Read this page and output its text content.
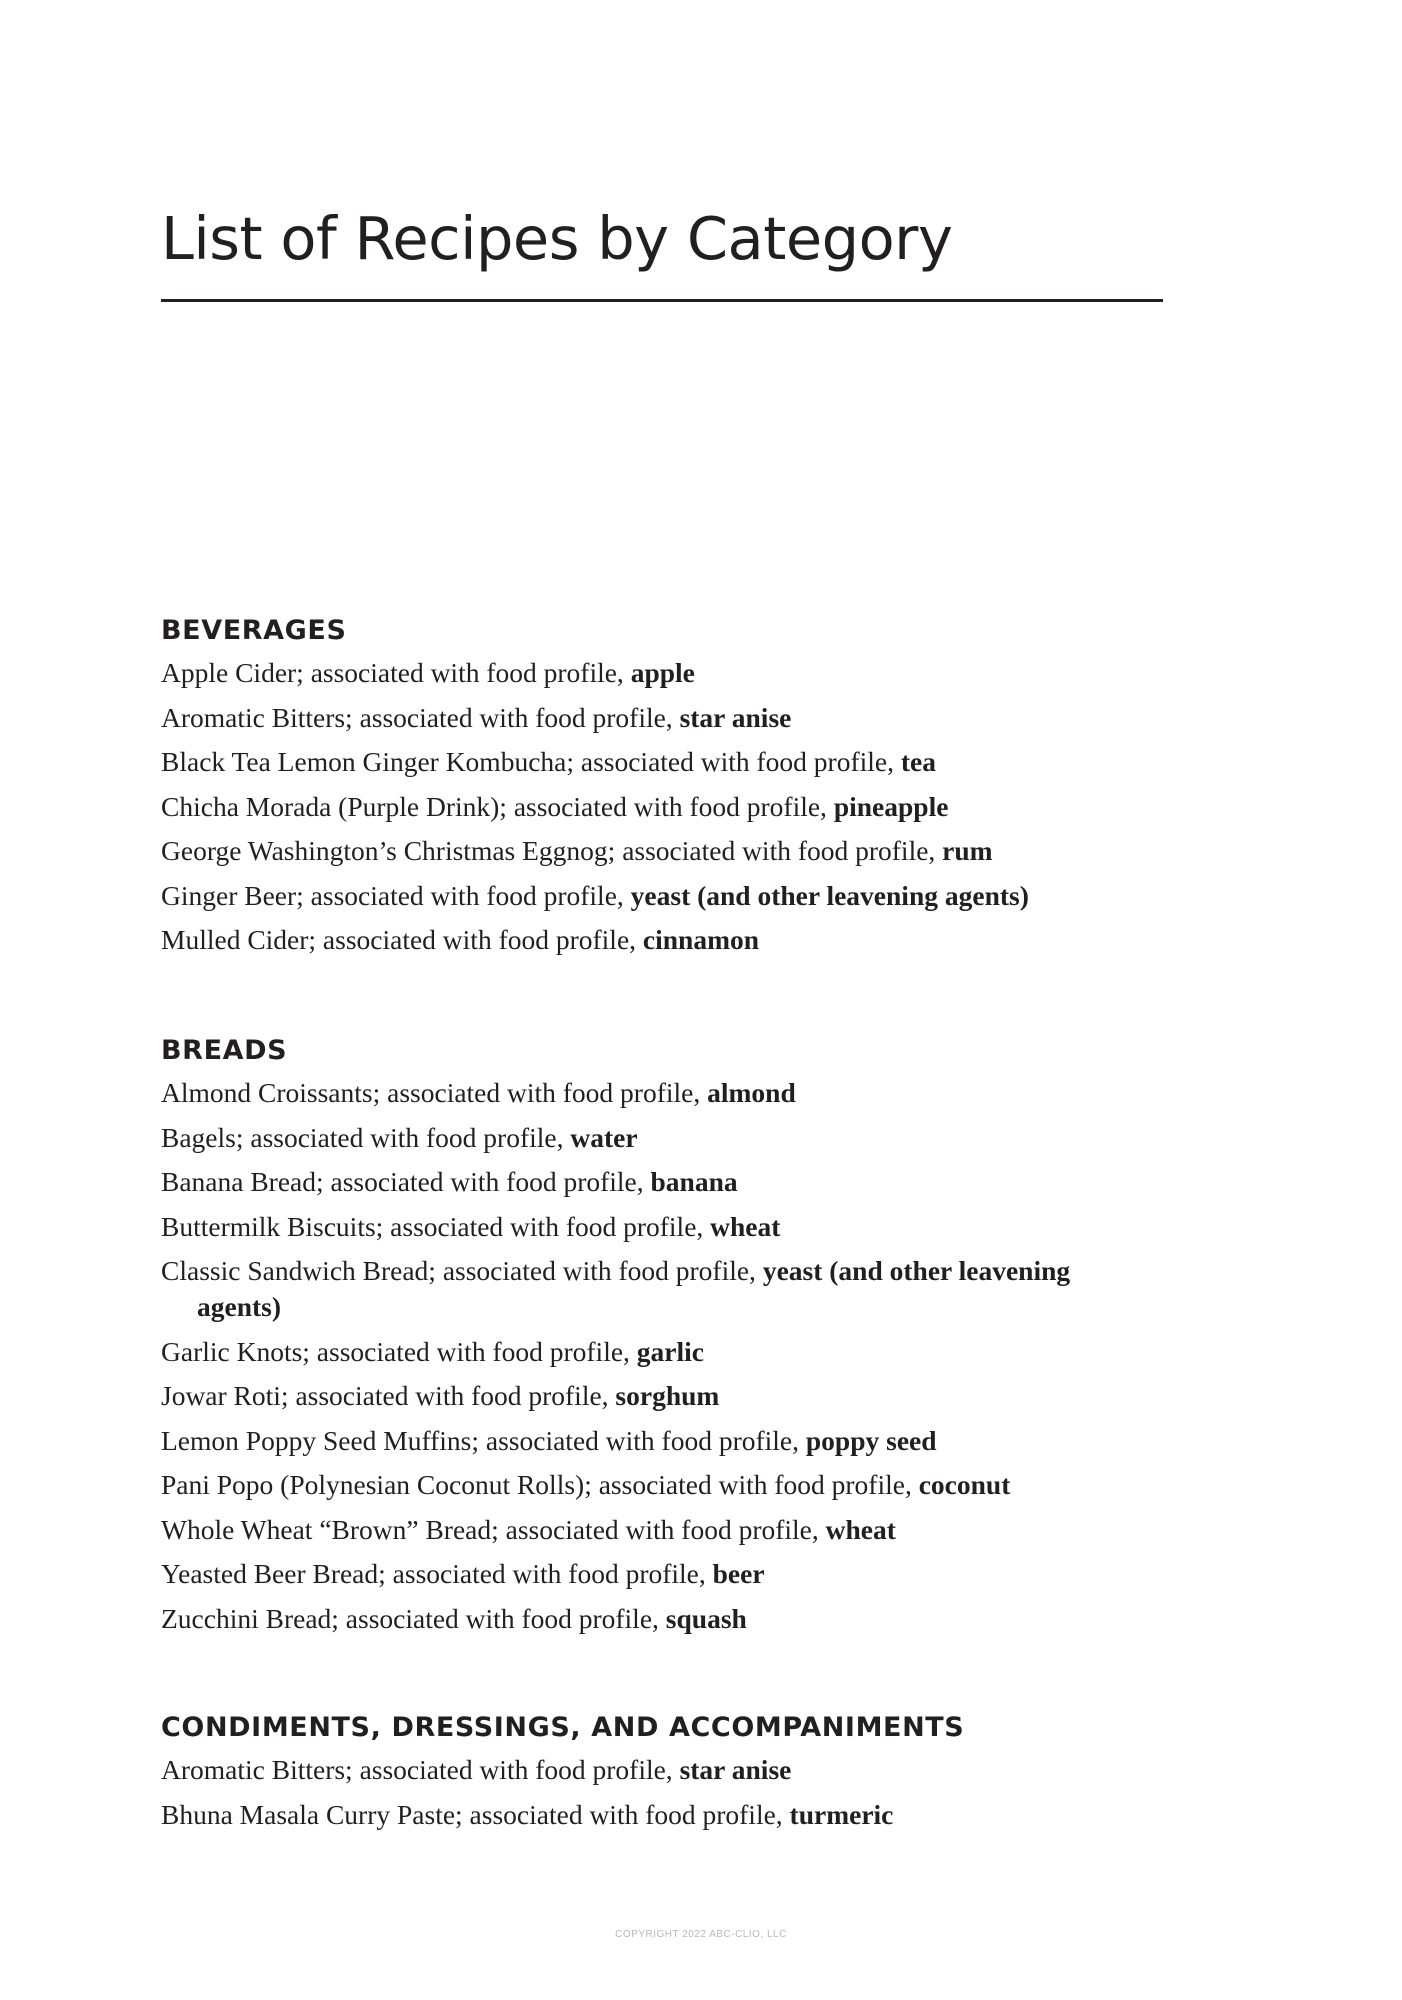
List of Recipes by Category
BEVERAGES
Apple Cider; associated with food profile, apple
Aromatic Bitters; associated with food profile, star anise
Black Tea Lemon Ginger Kombucha; associated with food profile, tea
Chicha Morada (Purple Drink); associated with food profile, pineapple
George Washington’s Christmas Eggnog; associated with food profile, rum
Ginger Beer; associated with food profile, yeast (and other leavening agents)
Mulled Cider; associated with food profile, cinnamon
BREADS
Almond Croissants; associated with food profile, almond
Bagels; associated with food profile, water
Banana Bread; associated with food profile, banana
Buttermilk Biscuits; associated with food profile, wheat
Classic Sandwich Bread; associated with food profile, yeast (and other leavening agents)
Garlic Knots; associated with food profile, garlic
Jowar Roti; associated with food profile, sorghum
Lemon Poppy Seed Muffins; associated with food profile, poppy seed
Pani Popo (Polynesian Coconut Rolls); associated with food profile, coconut
Whole Wheat “Brown” Bread; associated with food profile, wheat
Yeasted Beer Bread; associated with food profile, beer
Zucchini Bread; associated with food profile, squash
CONDIMENTS, DRESSINGS, AND ACCOMPANIMENTS
Aromatic Bitters; associated with food profile, star anise
Bhuna Masala Curry Paste; associated with food profile, turmeric
COPYRIGHT 2022 ABC-CLIO, LLC
